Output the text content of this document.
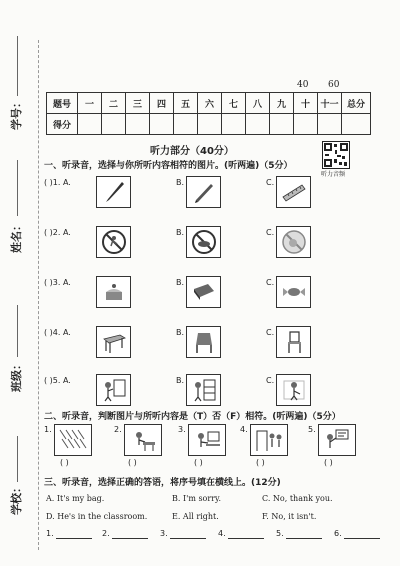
学校：
班级：
姓名：
学号：
40 60
题号	一	二	三	四	五	六	七	八	九	十	十一	总分
得分												
听力部分（40分）
听力音频
一、听录音，选择与你所听内容相符的图片。(听两遍)（5分）
( )1. A.	B.	C.
( )2. A.	B.	C.
( )3. A.	B.	C.
( )4. A.	B.	C.
( )5. A.	B.	C.
二、听录音，判断图片与所听内容是（T）否（F）相符。(听两遍)（5分）
1.
( )
2.
( )
3.
( )
4.
( )
5.
( )
三、听录音，选择正确的答语，将序号填在横线上。(12分)
A. It's my bag.	B. I'm sorry.	C. No, thank you.
D. He's in the classroom.	E. All right.	F. No, it isn't.
1.	2.	3.	4.	5.	6.
